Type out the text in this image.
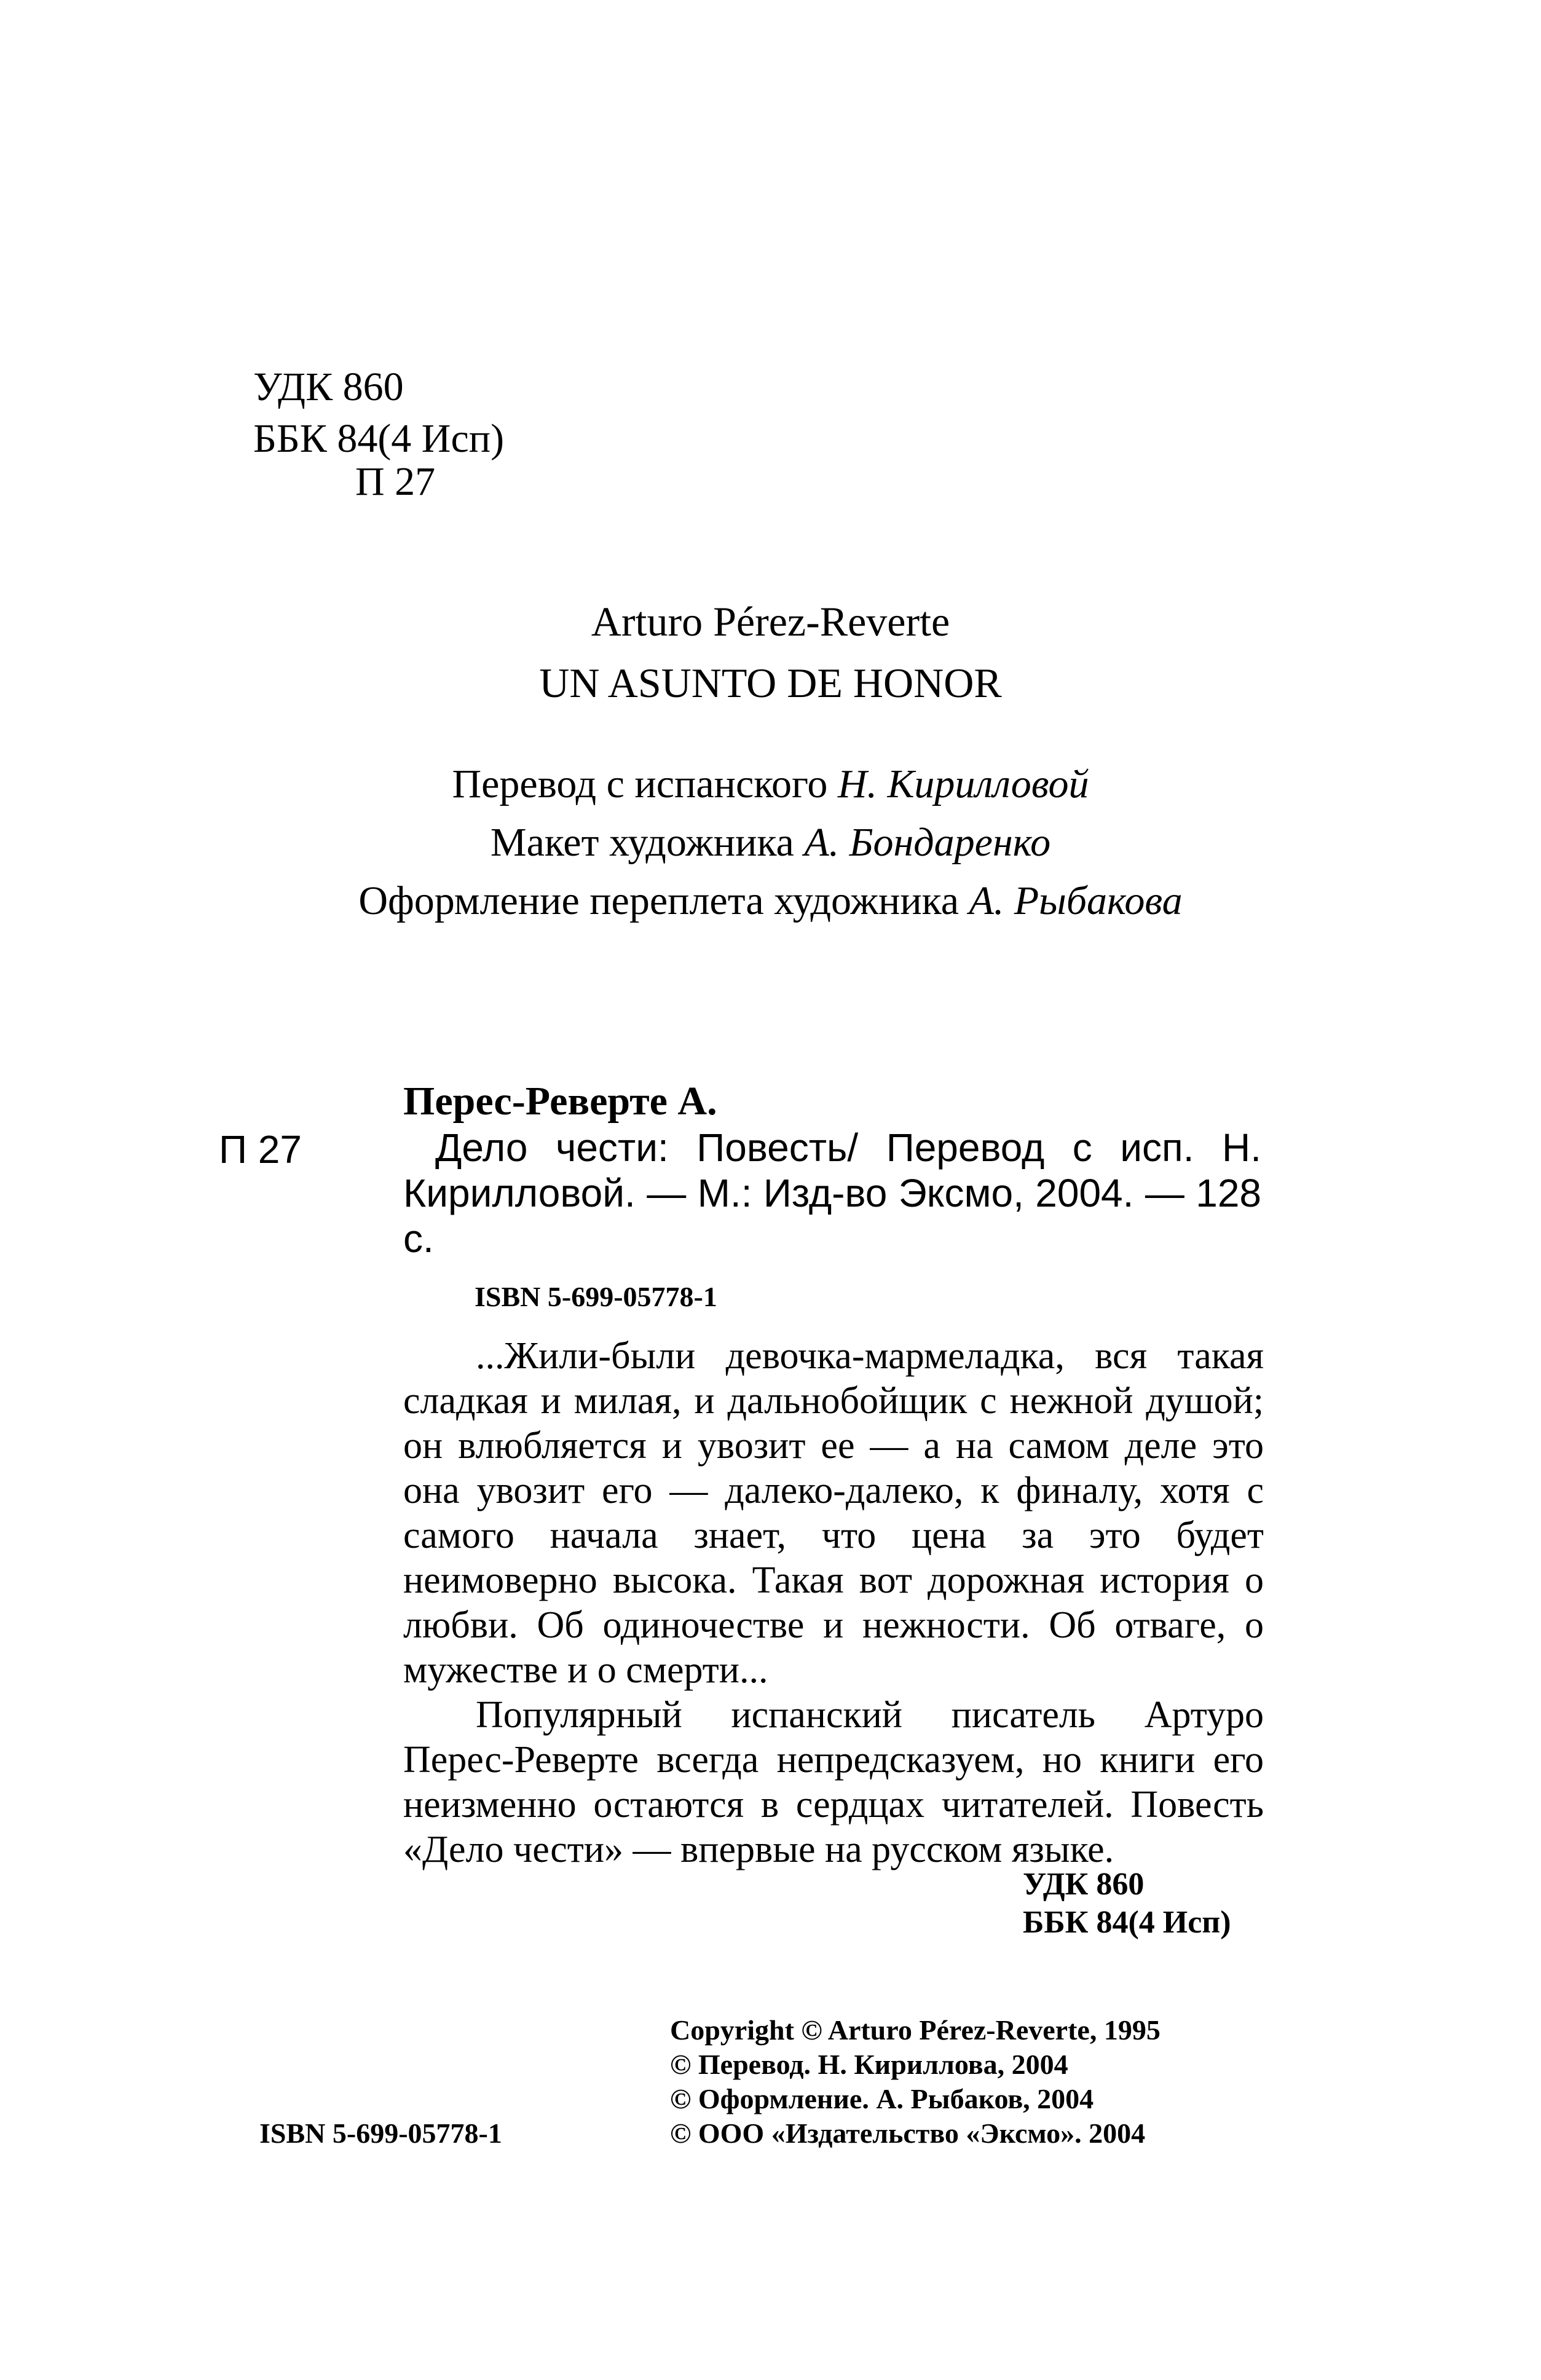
УДК 860
ББК 84(4 Исп)
П 27
Arturo Pérez-Reverte
UN ASUNTO DE HONOR
Перевод с испанского Н. Кирилловой
Макет художника А. Бондаренко
Оформление переплета художника А. Рыбакова
Перес-Реверте А.
П 27	Дело чести: Повесть/ Перевод с исп. Н. Кирилловой. — М.: Изд-во Эксмо, 2004. — 128 с.
ISBN 5-699-05778-1

...Жили-были девочка-мармеладка, вся такая сладкая и милая, и дальнобойщик с нежной душой; он влюбляется и увозит ее — а на самом деле это она увозит его — далеко-далеко, к финалу, хотя с самого начала знает, что цена за это будет неимоверно высока. Такая вот дорожная история о любви. Об одиночестве и нежности. Об отваге, о мужестве и о смерти...

Популярный испанский писатель Артуро Перес-Реверте всегда непредсказуем, но книги его неизменно остаются в сердцах читателей. Повесть «Дело чести» — впервые на русском языке.

УДК 860
ББК 84(4 Исп)
Copyright © Arturo Pérez-Reverte, 1995
© Перевод. Н. Кириллова, 2004
© Оформление. А. Рыбаков, 2004
© ООО «Издательство «Эксмо». 2004
ISBN 5-699-05778-1
